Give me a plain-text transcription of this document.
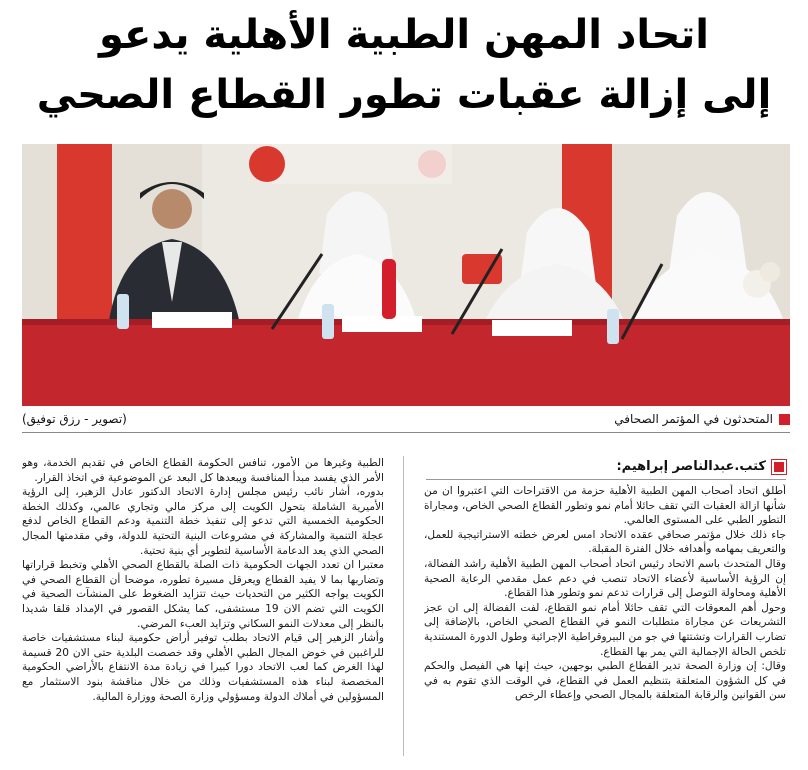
اتحاد المهن الطبية الأهلية يدعو
إلى إزالة عقبات تطور القطاع الصحي
المتحدثون في المؤتمر الصحافي
(تصوير - رزق توفيق)
كتب.عبدالناصر إبراهيم:

أطلق اتحاد أصحاب المهن الطبية الأهلية حزمة من الاقتراحات التي اعتبروا ان من شأنها ازالة العقبات التي تقف حائلا أمام نمو وتطور القطاع الصحي الخاص، ومجاراة التطور الطبي على المستوى العالمي.

جاء ذلك خلال مؤتمر صحافي عقده الاتحاد امس لعرض خطته الاستراتيجية للعمل، والتعريف بمهامه وأهدافه خلال الفترة المقبلة.

وقال المتحدث باسم الاتحاد رئيس اتحاد أصحاب المهن الطبية الأهلية راشد الفضالة، إن الرؤية الأساسية لأعضاء الاتحاد تنصب في دعم عمل مقدمي الرعاية الصحية الأهلية ومحاولة التوصل إلى قرارات تدعم نمو وتطور هذا القطاع.

وحول أهم المعوقات التي تقف حائلا أمام نمو القطاع، لفت الفضالة إلى ان عجز التشريعات عن مجاراة متطلبات النمو في القطاع الصحي الخاص، بالإضافة إلى تضارب القرارات وتشتتها في جو من البيروقراطية الإجرائية وطول الدورة المستندية تلخص الحالة الإجمالية التي يمر بها القطاع.

وقال: إن وزارة الصحة تدير القطاع الطبي بوجهين، حيث إنها هي الفيصل والحكم في كل الشؤون المتعلقة بتنظيم العمل في القطاع، في الوقت الذي تقوم به في سن القوانين والرقابة المتعلقة بالمجال الصحي وإعطاء الرخص

الطبية وغيرها من الأمور، تنافس الحكومة القطاع الخاص في تقديم الخدمة، وهو الأمر الذي يفسد مبدأ المنافسة ويبعدها كل البعد عن الموضوعية في اتخاذ القرار.

بدوره، أشار نائب رئيس مجلس إدارة الاتحاد الدكتور عادل الزهير، إلى الرؤية الأميرية الشاملة بتحول الكويت إلى مركز مالي وتجاري عالمي، وكذلك الخطة الحكومية الخمسية التي تدعو إلى تنفيذ خطة التنمية ودعم القطاع الخاص لدفع عجلة التنمية والمشاركة في مشروعات البنية التحتية للدولة، وفي مقدمتها المجال الصحي الذي يعد الدعامة الأساسية لتطوير أي بنية تحتية.

معتبرا ان تعدد الجهات الحكومية ذات الصلة بالقطاع الصحي الأهلي وتخبط قراراتها وتضاربها بما لا يفيد القطاع ويعرقل مسيرة تطوره، موضحا أن القطاع الصحي في الكويت يواجه الكثير من التحديات حيث تتزايد الضغوط على المنشآت الصحية في الكويت التي تضم الان 19 مستشفى، كما يشكل القصور في الإمداد قلقا شديدا بالنظر إلى معدلات النمو السكاني وتزايد العبء المرضي.

وأشار الزهير إلى قيام الاتحاد بطلب توفير أراض حكومية لبناء مستشفيات خاصة للراغبين في خوض المجال الطبي الأهلي وقد خصصت البلدية حتى الان 20 قسيمة لهذا الغرض كما لعب الاتحاد دورا كبيرا في زيادة مدة الانتفاع بالأراضي الحكومية المخصصة لبناء هذه المستشفيات وذلك من خلال مناقشة بنود الاستثمار مع المسؤولين في أملاك الدولة ومسؤولي وزارة الصحة ووزارة المالية.
